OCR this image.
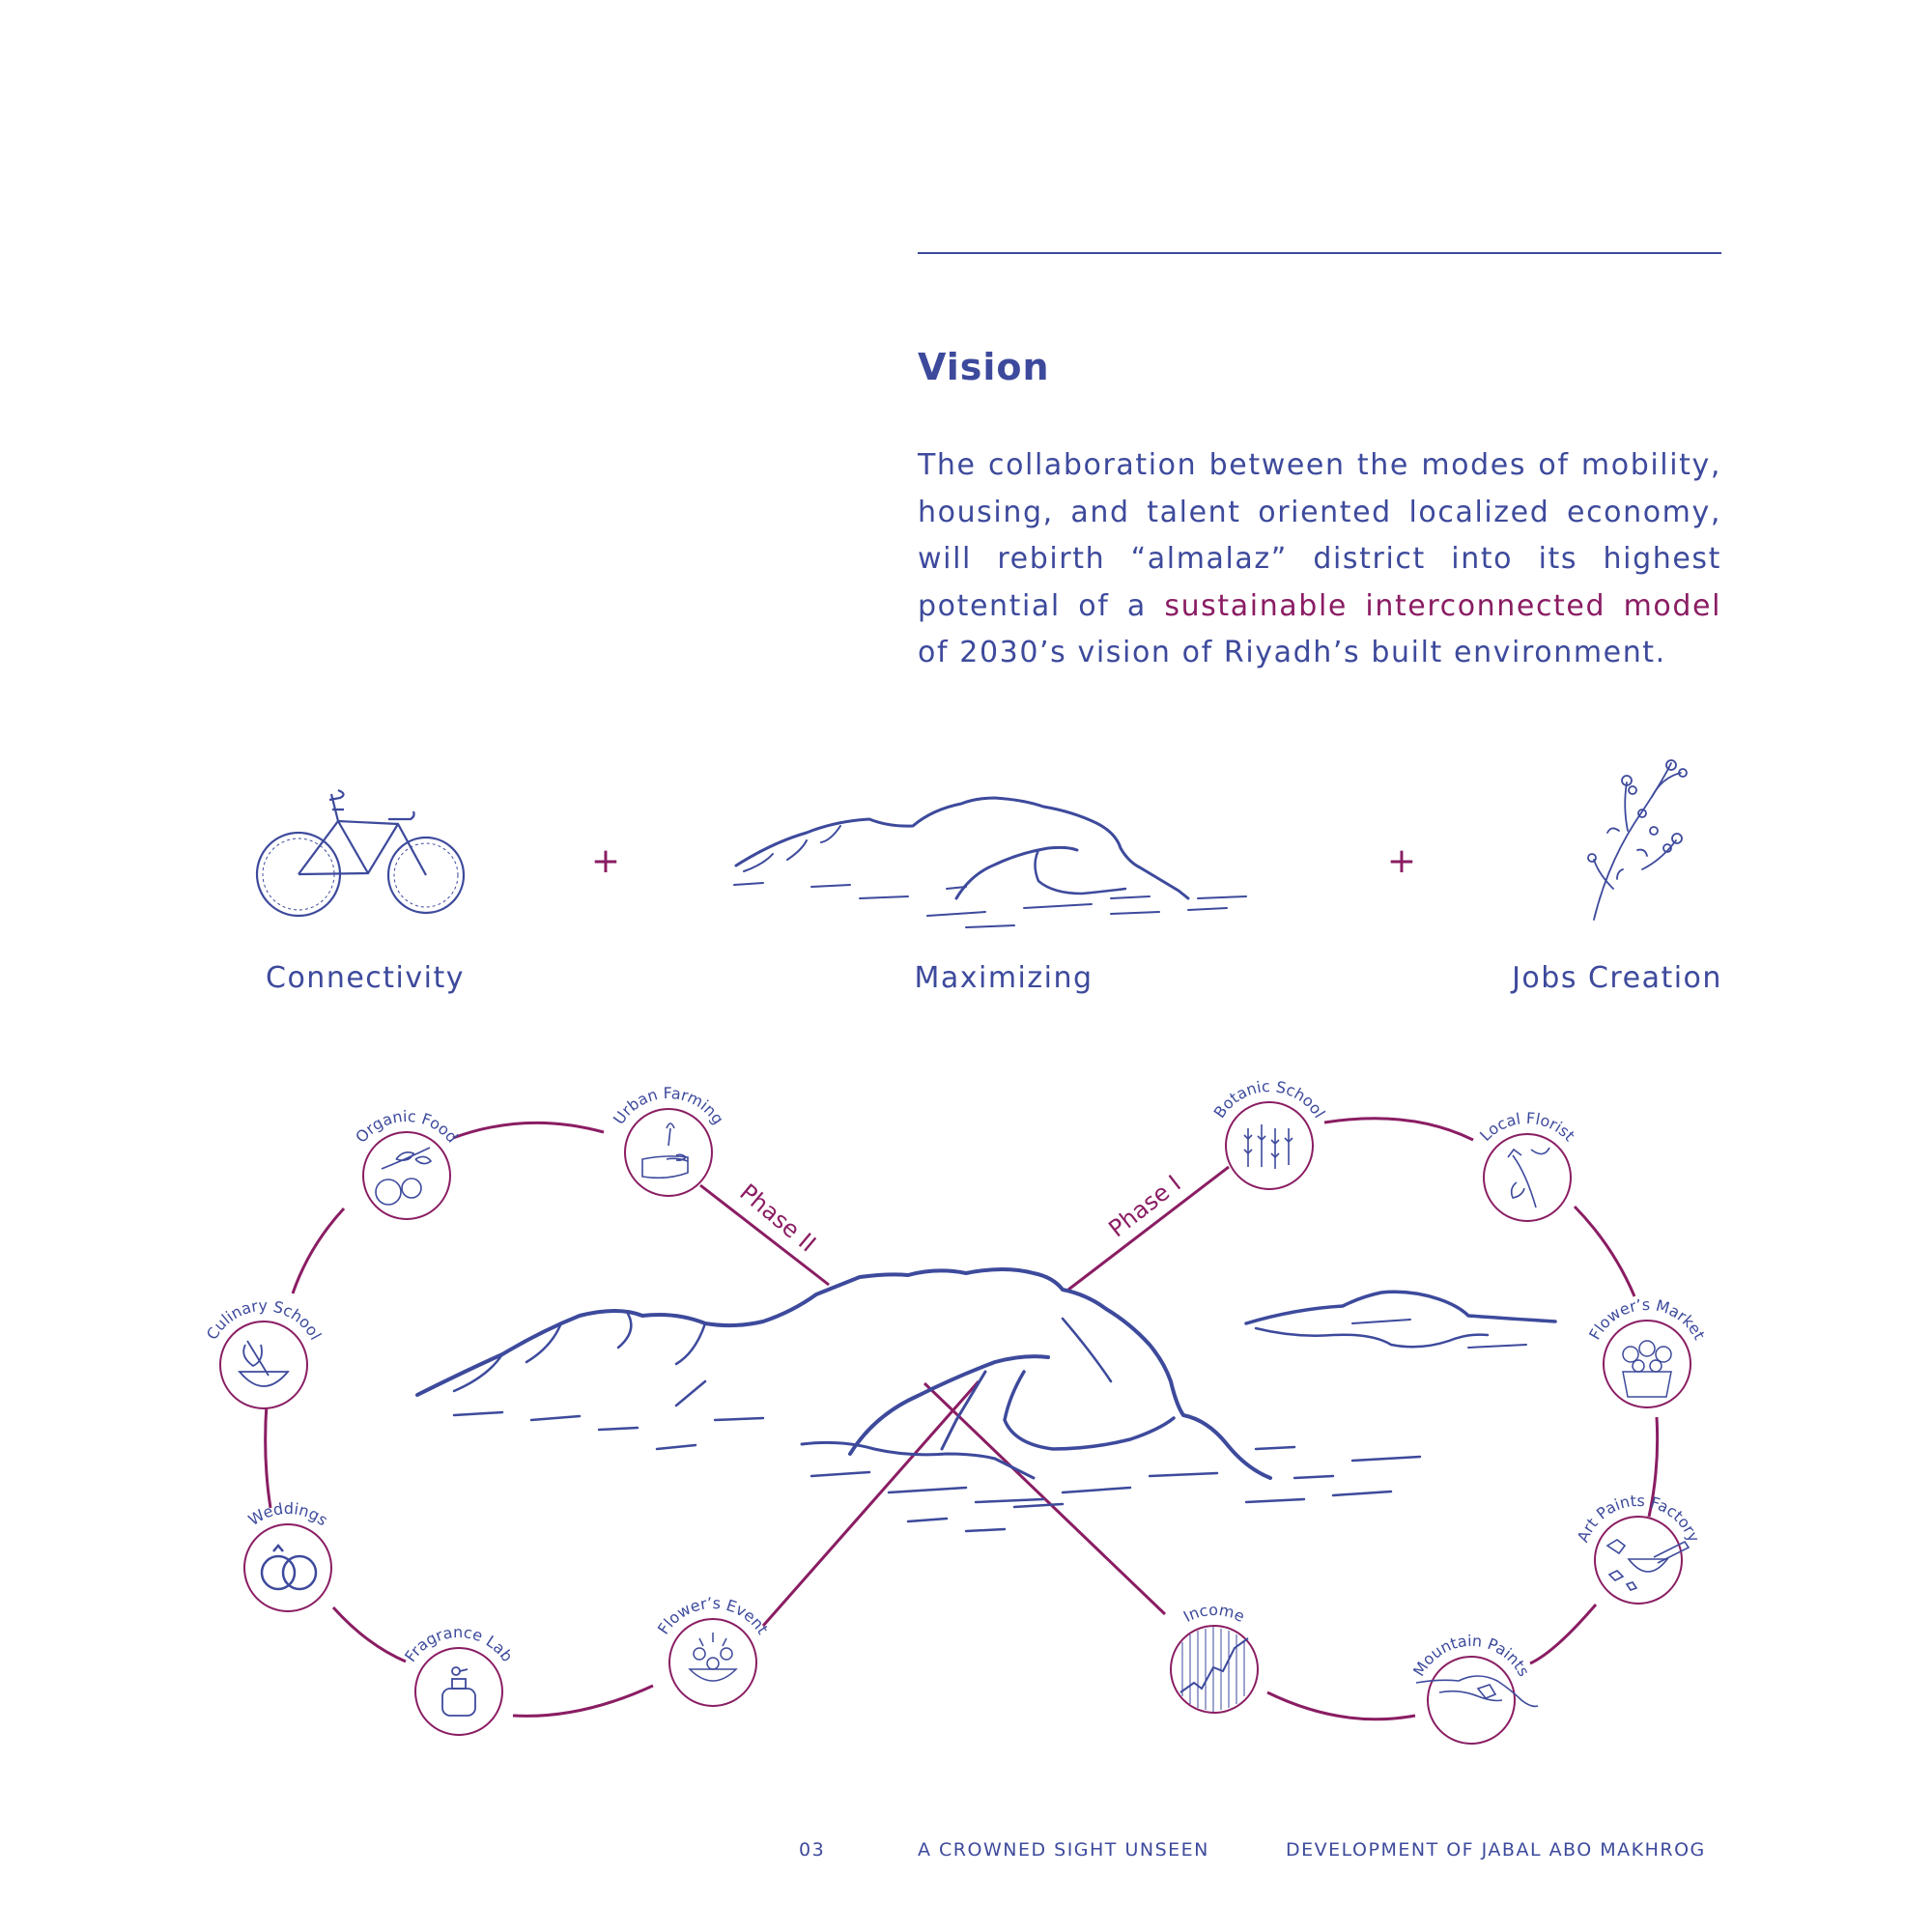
Vision
The collaboration between the modes of mobility, housing, and talent oriented localized economy, will rebirth “almalaz” district into its highest potential of a sustainable interconnected model of 2030’s vision of Riyadh’s built environment.
+	+
Connectivity	Maximizing	Jobs Creation
Phase II	Phase I
Urban Farming
Organic Food
Culinary School
Weddings
Fragrance Lab
Flower’s Event
Botanic School
Local Florist
Flower’s Market
Art Paints Factory
Mountain Paints
Income
03	A CROWNED SIGHT UNSEEN	DEVELOPMENT OF JABAL ABO MAKHROG
